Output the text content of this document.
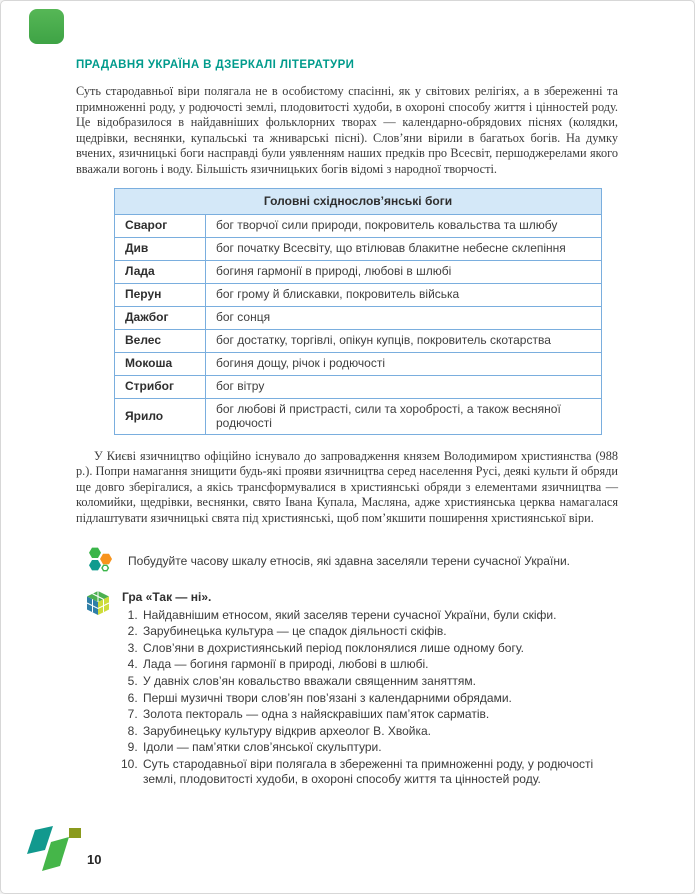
ПРАДАВНЯ УКРАЇНА В ДЗЕРКАЛІ ЛІТЕРАТУРИ

Суть стародавньої віри полягала не в особистому спасінні, як у світових релігіях, а в збереженні та примноженні роду, у родючості землі, плодовитості худоби, в охороні способу життя і цінностей роду. Це відобразилося в найдавніших фольклорних творах — календарно-обрядових піснях (колядки, щедрівки, веснянки, купальські та жниварські пісні). Слов’яни вірили в багатьох богів. На думку вчених, язичницькі боги насправді були уявленням наших предків про Всесвіт, першоджерелами якого вважали вогонь і воду. Більшість язичницьких богів відомі з народної творчості.

Головні східнослов’янські боги	
Сварог	бог творчої сили природи, покровитель ковальства та шлюбу
Див	бог початку Всесвіту, що втілював блакитне небесне склепіння
Лада	богиня гармонії в природі, любові в шлюбі
Перун	бог грому й блискавки, покровитель війська
Дажбог	бог сонця
Велес	бог достатку, торгівлі, опікун купців, покровитель скотарства
Мокоша	богиня дощу, річок і родючості
Стрибог	бог вітру
Ярило	бог любові й пристрасті, сили та хоробрості, а також весняної родючості

У Києві язичництво офіційно існувало до запровадження князем Володимиром християнства (988 р.). Попри намагання знищити будь-які прояви язичництва серед населення Русі, деякі культи й обряди ще довго зберігалися, а якісь трансформувалися в християнські обряди з елементами язичництва — коломийки, щедрівки, веснянки, свято Івана Купала, Масляна, адже християнська церква намагалася підлаштувати язичницькі свята під християнські, щоб пом’якшити поширення християнської віри.

Побудуйте часову шкалу етносів, які здавна заселяли терени сучасної України.

Гра «Так — ні».

1. Найдавнішим етносом, який заселяв терени сучасної України, були скіфи.
2. Зарубинецька культура — це спадок діяльності скіфів.
3. Слов’яни в дохристиянський період поклонялися лише одному богу.
4. Лада — богиня гармонії в природі, любові в шлюбі.
5. У давніх слов’ян ковальство вважали священним заняттям.
6. Перші музичні твори слов’ян пов’язані з календарними обрядами.
7. Золота пектораль — одна з найяскравіших пам’яток сарматів.
8. Зарубинецьку культуру відкрив археолог В. Хвойка.
9. Ідоли — пам’ятки слов’янської скульптури.
10. Суть стародавньої віри полягала в збереженні та примноженні роду, у родючості землі, плодовитості худоби, в охороні способу життя та цінностей роду.
10
